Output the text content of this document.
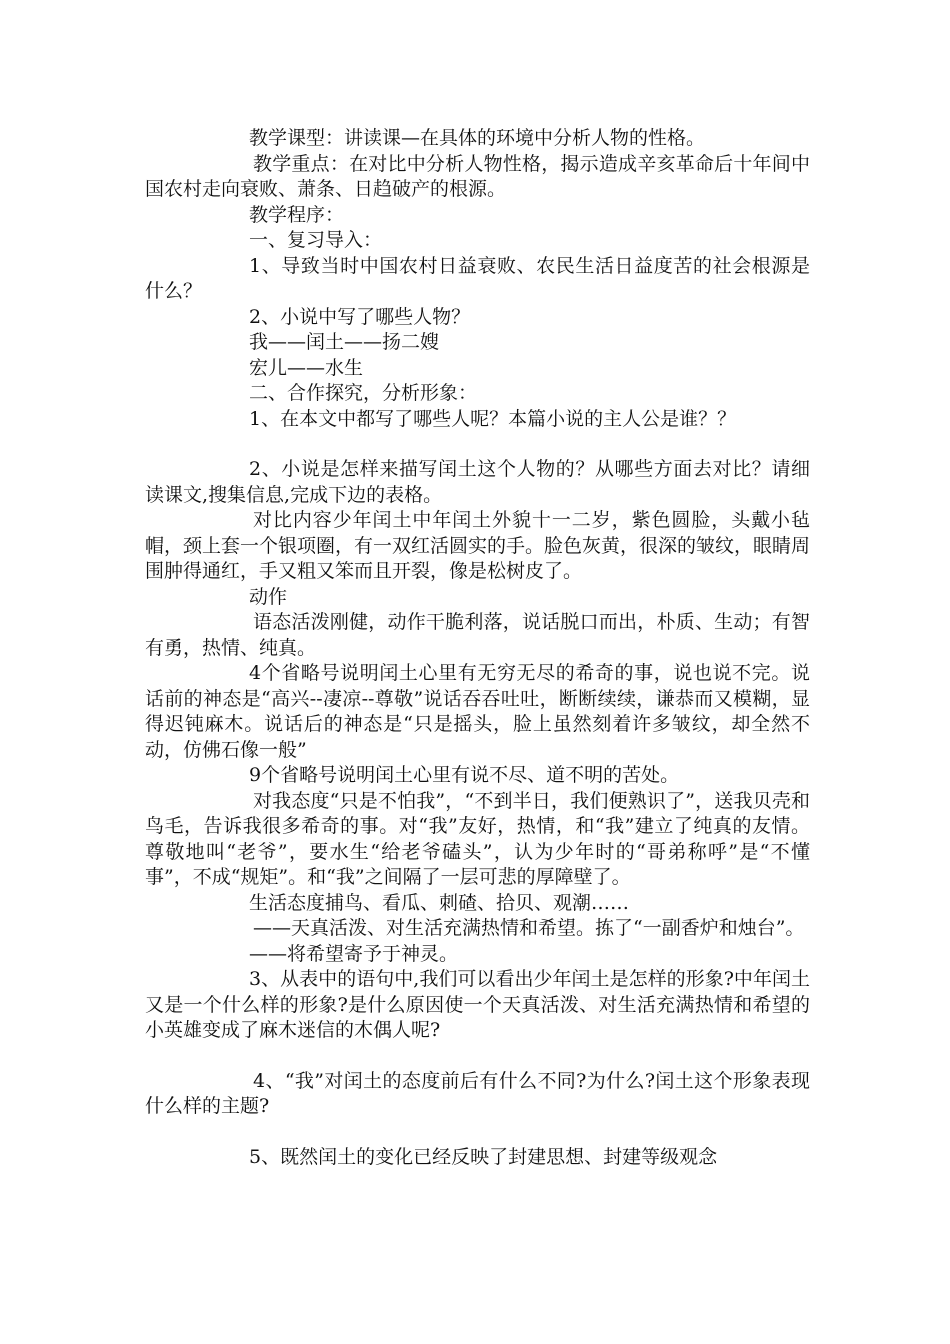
教学课型：讲读课—在具体的环境中分析人物的性格。

教学重点：在对比中分析人物性格，揭示造成辛亥革命后十年间中国农村走向衰败、萧条、日趋破产的根源。

教学程序：

一、复习导入：

1、导致当时中国农村日益衰败、农民生活日益度苦的社会根源是什么？

2、小说中写了哪些人物？

我——闰土——扬二嫂

宏儿——水生

二、合作探究，分析形象：

1、在本文中都写了哪些人呢？本篇小说的主人公是谁？？

2、小说是怎样来描写闰土这个人物的？从哪些方面去对比？请细读课文,搜集信息,完成下边的表格。

对比内容少年闰土中年闰土外貌十一二岁，紫色圆脸，头戴小毡帽，颈上套一个银项圈，有一双红活圆实的手。脸色灰黄，很深的皱纹，眼睛周围肿得通红，手又粗又笨而且开裂，像是松树皮了。

动作

语态活泼刚健，动作干脆利落，说话脱口而出，朴质、生动；有智有勇，热情、纯真。

4个省略号说明闰土心里有无穷无尽的希奇的事，说也说不完。说话前的神态是“高兴--凄凉--尊敬”说话吞吞吐吐，断断续续，谦恭而又模糊，显得迟钝麻木。说话后的神态是“只是摇头，脸上虽然刻着许多皱纹，却全然不动，仿佛石像一般”

9个省略号说明闰土心里有说不尽、道不明的苦处。

对我态度“只是不怕我”，“不到半日，我们便熟识了”，送我贝壳和鸟毛，告诉我很多希奇的事。对“我”友好，热情，和“我”建立了纯真的友情。尊敬地叫“老爷”，要水生“给老爷磕头”，认为少年时的“哥弟称呼”是“不懂事”，不成“规矩”。和“我”之间隔了一层可悲的厚障壁了。

生活态度捕鸟、看瓜、刺碴、拾贝、观潮……

——天真活泼、对生活充满热情和希望。拣了“一副香炉和烛台”。

——将希望寄予于神灵。

3、从表中的语句中,我们可以看出少年闰土是怎样的形象?中年闰土又是一个什么样的形象?是什么原因使一个天真活泼、对生活充满热情和希望的小英雄变成了麻木迷信的木偶人呢?

4、“我”对闰土的态度前后有什么不同?为什么?闰土这个形象表现什么样的主题?

5、既然闰土的变化已经反映了封建思想、封建等级观念
